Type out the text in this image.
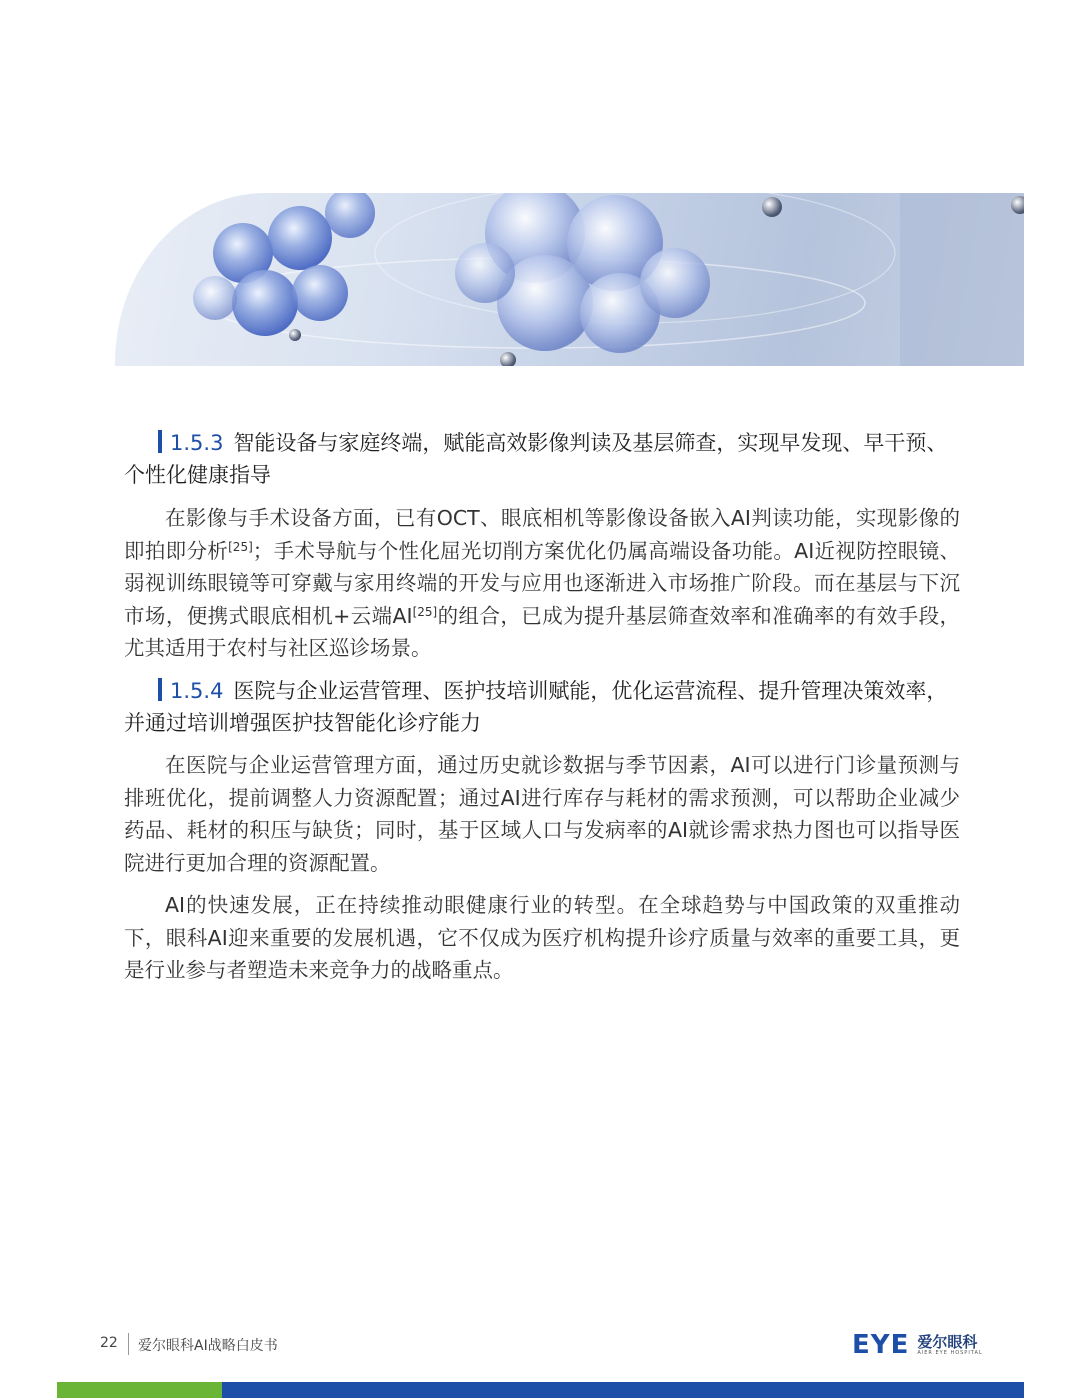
1.5.3 智能设备与家庭终端，赋能高效影像判读及基层筛查，实现早发现、早干预、
个性化健康指导

在影像与手术设备方面，已有OCT、眼底相机等影像设备嵌入AI判读功能，实现影像的即拍即分析[25]；手术导航与个性化屈光切削方案优化仍属高端设备功能。AI近视防控眼镜、弱视训练眼镜等可穿戴与家用终端的开发与应用也逐渐进入市场推广阶段。而在基层与下沉市场，便携式眼底相机+云端AI[25]的组合，已成为提升基层筛查效率和准确率的有效手段，尤其适用于农村与社区巡诊场景。

1.5.4 医院与企业运营管理、医护技培训赋能，优化运营流程、提升管理决策效率，
并通过培训增强医护技智能化诊疗能力

在医院与企业运营管理方面，通过历史就诊数据与季节因素，AI可以进行门诊量预测与排班优化，提前调整人力资源配置；通过AI进行库存与耗材的需求预测，可以帮助企业减少药品、耗材的积压与缺货；同时，基于区域人口与发病率的AI就诊需求热力图也可以指导医院进行更加合理的资源配置。

AI的快速发展，正在持续推动眼健康行业的转型。在全球趋势与中国政策的双重推动下，眼科AI迎来重要的发展机遇，它不仅成为医疗机构提升诊疗质量与效率的重要工具，更是行业参与者塑造未来竞争力的战略重点。

22 爱尔眼科AI战略白皮书	EYE 爱尔眼科
AIER EYE HOSPITAL
